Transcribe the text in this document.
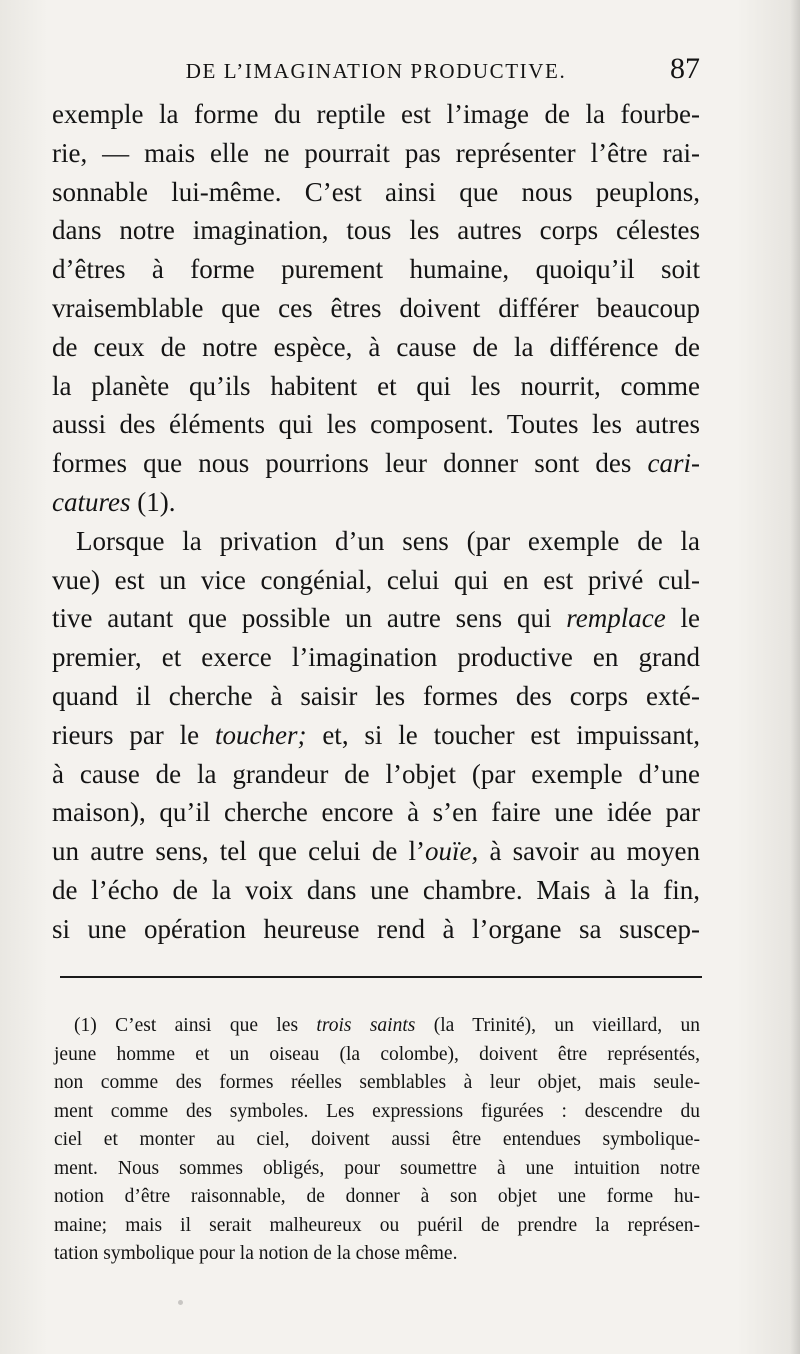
DE L’IMAGINATION PRODUCTIVE.	87
exemple la forme du reptile est l’image de la fourbe-
rie, — mais elle ne pourrait pas représenter l’être rai-
sonnable lui-même. C’est ainsi que nous peuplons,
dans notre imagination, tous les autres corps célestes
d’êtres à forme purement humaine, quoiqu’il soit
vraisemblable que ces êtres doivent différer beaucoup
de ceux de notre espèce, à cause de la différence de
la planète qu’ils habitent et qui les nourrit, comme
aussi des éléments qui les composent. Toutes les autres
formes que nous pourrions leur donner sont des cari-
catures (1).
Lorsque la privation d’un sens (par exemple de la
vue) est un vice congénial, celui qui en est privé cul-
tive autant que possible un autre sens qui remplace le
premier, et exerce l’imagination productive en grand
quand il cherche à saisir les formes des corps exté-
rieurs par le toucher; et, si le toucher est impuissant,
à cause de la grandeur de l’objet (par exemple d’une
maison), qu’il cherche encore à s’en faire une idée par
un autre sens, tel que celui de l’ouïe, à savoir au moyen
de l’écho de la voix dans une chambre. Mais à la fin,
si une opération heureuse rend à l’organe sa suscep-
(1) C’est ainsi que les trois saints (la Trinité), un vieillard, un
jeune homme et un oiseau (la colombe), doivent être représentés,
non comme des formes réelles semblables à leur objet, mais seule-
ment comme des symboles. Les expressions figurées : descendre du
ciel et monter au ciel, doivent aussi être entendues symbolique-
ment. Nous sommes obligés, pour soumettre à une intuition notre
notion d’être raisonnable, de donner à son objet une forme hu-
maine; mais il serait malheureux ou puéril de prendre la représen-
tation symbolique pour la notion de la chose même.
